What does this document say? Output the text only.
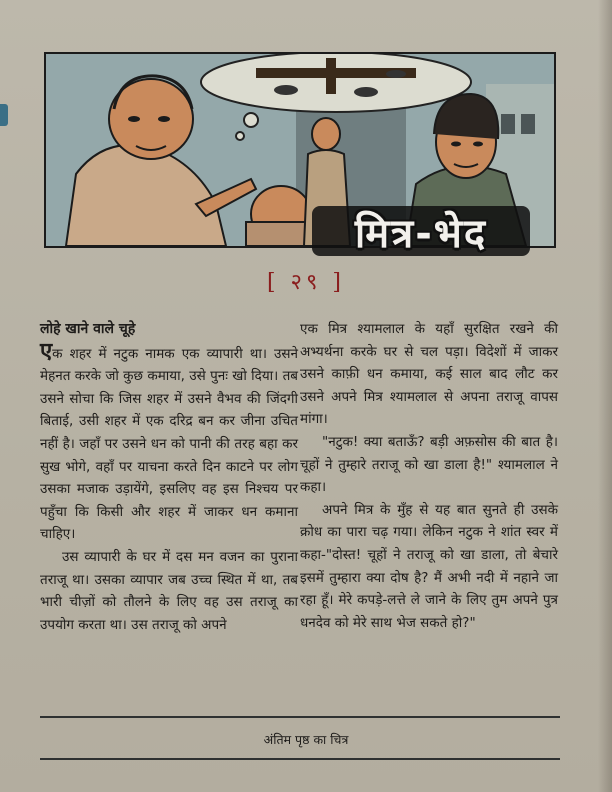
मित्र-भेद
[ २९ ]

लोहे खाने वाले चूहे

एक शहर में नटुक नामक एक व्यापारी था। उसने मेहनत करके जो कुछ कमाया, उसे पुनः खो दिया। तब उसने सोचा कि जिस शहर में उसने वैभव की जिंदगी बिताई, उसी शहर में एक दरिद्र बन कर जीना उचित नहीं है। जहाँ पर उसने धन को पानी की तरह बहा कर सुख भोगे, वहाँ पर याचना करते दिन काटने पर लोग उसका मजाक उड़ायेंगे, इसलिए वह इस निश्चय पर पहुँचा कि किसी और शहर में जाकर धन कमाना चाहिए।

उस व्यापारी के घर में दस मन वजन का पुराना तराजू था। उसका व्यापार जब उच्च स्थित में था, तब भारी चीज़ों को तौलने के लिए वह उस तराजू का उपयोग करता था। उस तराजू को अपने

एक मित्र श्यामलाल के यहाँ सुरक्षित रखने की अभ्यर्थना करके घर से चल पड़ा। विदेशों में जाकर उसने काफ़ी धन कमाया, कई साल बाद लौट कर उसने अपने मित्र श्यामलाल से अपना तराजू वापस मांगा।

"नटुक! क्या बताऊँ? बड़ी अफ़सोस की बात है। चूहों ने तुम्हारे तराजू को खा डाला है!" श्यामलाल ने कहा।

अपने मित्र के मुँह से यह बात सुनते ही उसके क्रोध का पारा चढ़ गया। लेकिन नटुक ने शांत स्वर में कहा-"दोस्त! चूहों ने तराजू को खा डाला, तो बेचारे इसमें तुम्हारा क्या दोष है? मैं अभी नदी में नहाने जा रहा हूँ। मेरे कपड़े-लत्ते ले जाने के लिए तुम अपने पुत्र धनदेव को मेरे साथ भेज सकते हो?"

अंतिम पृष्ठ का चित्र
